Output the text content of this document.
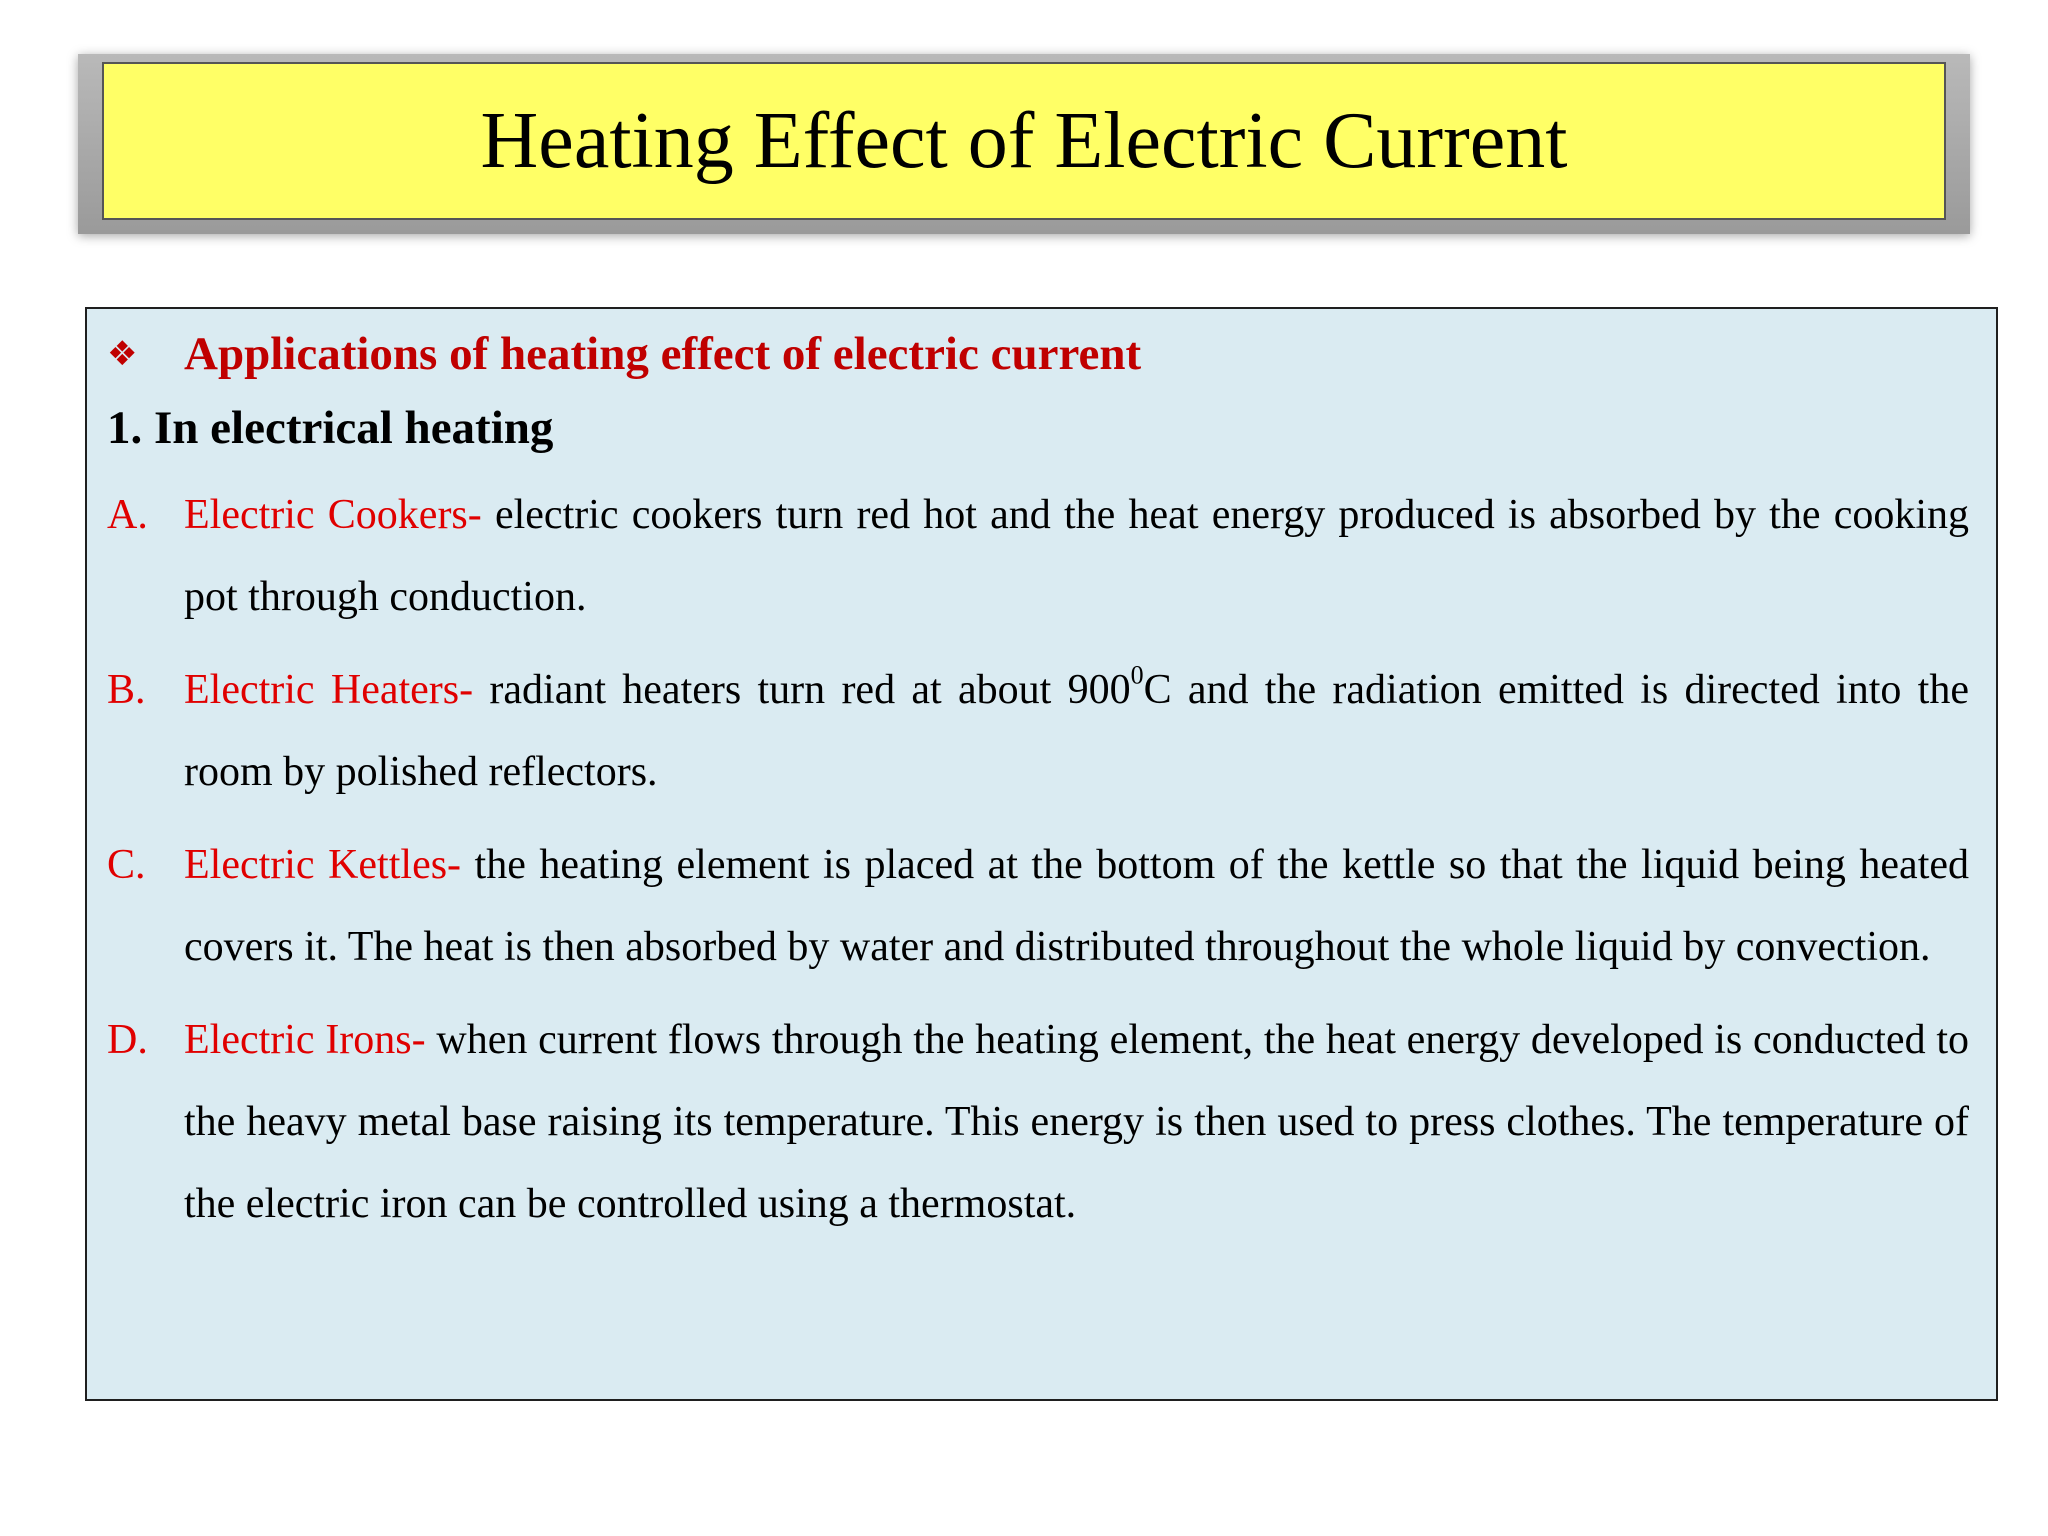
Heating Effect of Electric Current
❖ Applications of heating effect of electric current
1. In electrical heating
A. Electric Cookers- electric cookers turn red hot and the heat energy produced is absorbed by the cooking pot through conduction.
B. Electric Heaters- radiant heaters turn red at about $900^0C$ and the radiation emitted is directed into the room by polished reflectors.
C. Electric Kettles- the heating element is placed at the bottom of the kettle so that the liquid being heated covers it. The heat is then absorbed by water and distributed throughout the whole liquid by convection.
D. Electric Irons- when current flows through the heating element, the heat energy developed is conducted to the heavy metal base raising its temperature. This energy is then used to press clothes. The temperature of the electric iron can be controlled using a thermostat.
